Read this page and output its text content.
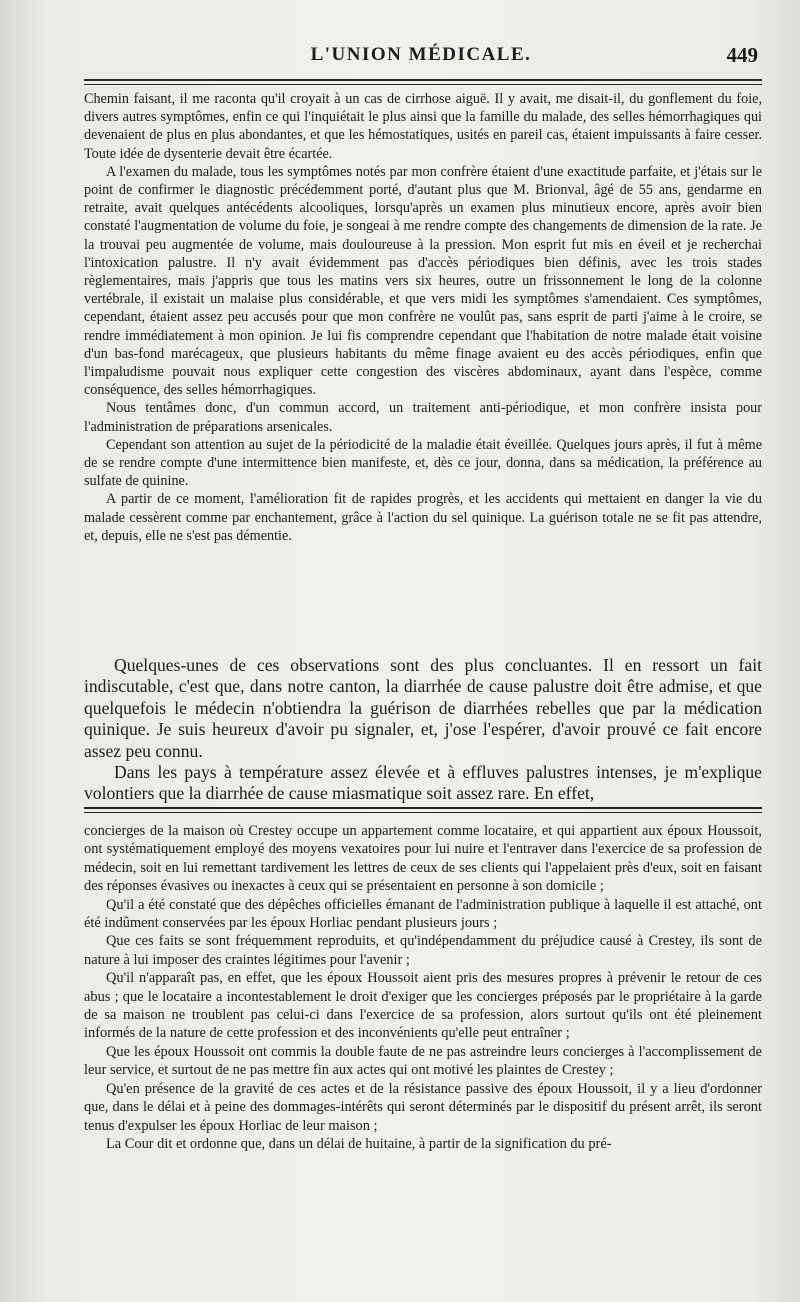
L'UNION MÉDICALE.	449

Chemin faisant, il me raconta qu'il croyait à un cas de cirrhose aiguë. Il y avait, me disait-il, du gonflement du foie, divers autres symptômes, enfin ce qui l'inquiétait le plus ainsi que la famille du malade, des selles hémorrhagiques qui devenaient de plus en plus abondantes, et que les hémostatiques, usités en pareil cas, étaient impuissants à faire cesser. Toute idée de dysenterie devait être écartée.

A l'examen du malade, tous les symptômes notés par mon confrère étaient d'une exactitude parfaite, et j'étais sur le point de confirmer le diagnostic précédemment porté, d'autant plus que M. Brionval, âgé de 55 ans, gendarme en retraite, avait quelques antécédents alcooliques, lorsqu'après un examen plus minutieux encore, après avoir bien constaté l'augmentation de volume du foie, je songeai à me rendre compte des changements de dimension de la rate. Je la trouvai peu augmentée de volume, mais douloureuse à la pression. Mon esprit fut mis en éveil et je recherchai l'intoxication palustre. Il n'y avait évidemment pas d'accès périodiques bien définis, avec les trois stades règlementaires, mais j'appris que tous les matins vers six heures, outre un frissonnement le long de la colonne vertébrale, il existait un malaise plus considérable, et que vers midi les symptômes s'amendaient. Ces symptômes, cependant, étaient assez peu accusés pour que mon confrère ne voulût pas, sans esprit de parti j'aime à le croire, se rendre immédiatement à mon opinion. Je lui fis comprendre cependant que l'habitation de notre malade était voisine d'un bas-fond marécageux, que plusieurs habitants du même finage avaient eu des accès périodiques, enfin que l'impaludisme pouvait nous expliquer cette congestion des viscères abdominaux, ayant dans l'espèce, comme conséquence, des selles hémorrhagiques.

Nous tentâmes donc, d'un commun accord, un traitement anti-périodique, et mon confrère insista pour l'administration de préparations arsenicales.

Cependant son attention au sujet de la périodicité de la maladie était éveillée. Quelques jours après, il fut à même de se rendre compte d'une intermittence bien manifeste, et, dès ce jour, donna, dans sa médication, la préférence au sulfate de quinine.

A partir de ce moment, l'amélioration fit de rapides progrès, et les accidents qui mettaient en danger la vie du malade cessèrent comme par enchantement, grâce à l'action du sel quinique. La guérison totale ne se fit pas attendre, et, depuis, elle ne s'est pas démentie.

Quelques-unes de ces observations sont des plus concluantes. Il en ressort un fait indiscutable, c'est que, dans notre canton, la diarrhée de cause palustre doit être admise, et que quelquefois le médecin n'obtiendra la guérison de diarrhées rebelles que par la médication quinique. Je suis heureux d'avoir pu signaler, et, j'ose l'espérer, d'avoir prouvé ce fait encore assez peu connu.

Dans les pays à température assez élevée et à effluves palustres intenses, je m'explique volontiers que la diarrhée de cause miasmatique soit assez rare. En effet,

concierges de la maison où Crestey occupe un appartement comme locataire, et qui appartient aux époux Houssoit, ont systématiquement employé des moyens vexatoires pour lui nuire et l'entraver dans l'exercice de sa profession de médecin, soit en lui remettant tardivement les lettres de ceux de ses clients qui l'appelaient près d'eux, soit en faisant des réponses évasives ou inexactes à ceux qui se présentaient en personne à son domicile ;

Qu'il a été constaté que des dépêches officielles émanant de l'administration publique à laquelle il est attaché, ont été indûment conservées par les époux Horliac pendant plusieurs jours ;

Que ces faits se sont fréquemment reproduits, et qu'indépendamment du préjudice causé à Crestey, ils sont de nature à lui imposer des craintes légitimes pour l'avenir ;

Qu'il n'apparaît pas, en effet, que les époux Houssoit aient pris des mesures propres à prévenir le retour de ces abus ; que le locataire a incontestablement le droit d'exiger que les concierges préposés par le propriétaire à la garde de sa maison ne troublent pas celui-ci dans l'exercice de sa profession, alors surtout qu'ils ont été pleinement informés de la nature de cette profession et des inconvénients qu'elle peut entraîner ;

Que les époux Houssoit ont commis la double faute de ne pas astreindre leurs concierges à l'accomplissement de leur service, et surtout de ne pas mettre fin aux actes qui ont motivé les plaintes de Crestey ;

Qu'en présence de la gravité de ces actes et de la résistance passive des époux Houssoit, il y a lieu d'ordonner que, dans le délai et à peine des dommages-intérêts qui seront déterminés par le dispositif du présent arrêt, ils seront tenus d'expulser les époux Horliac de leur maison ;

La Cour dit et ordonne que, dans un délai de huitaine, à partir de la signification du pré-
